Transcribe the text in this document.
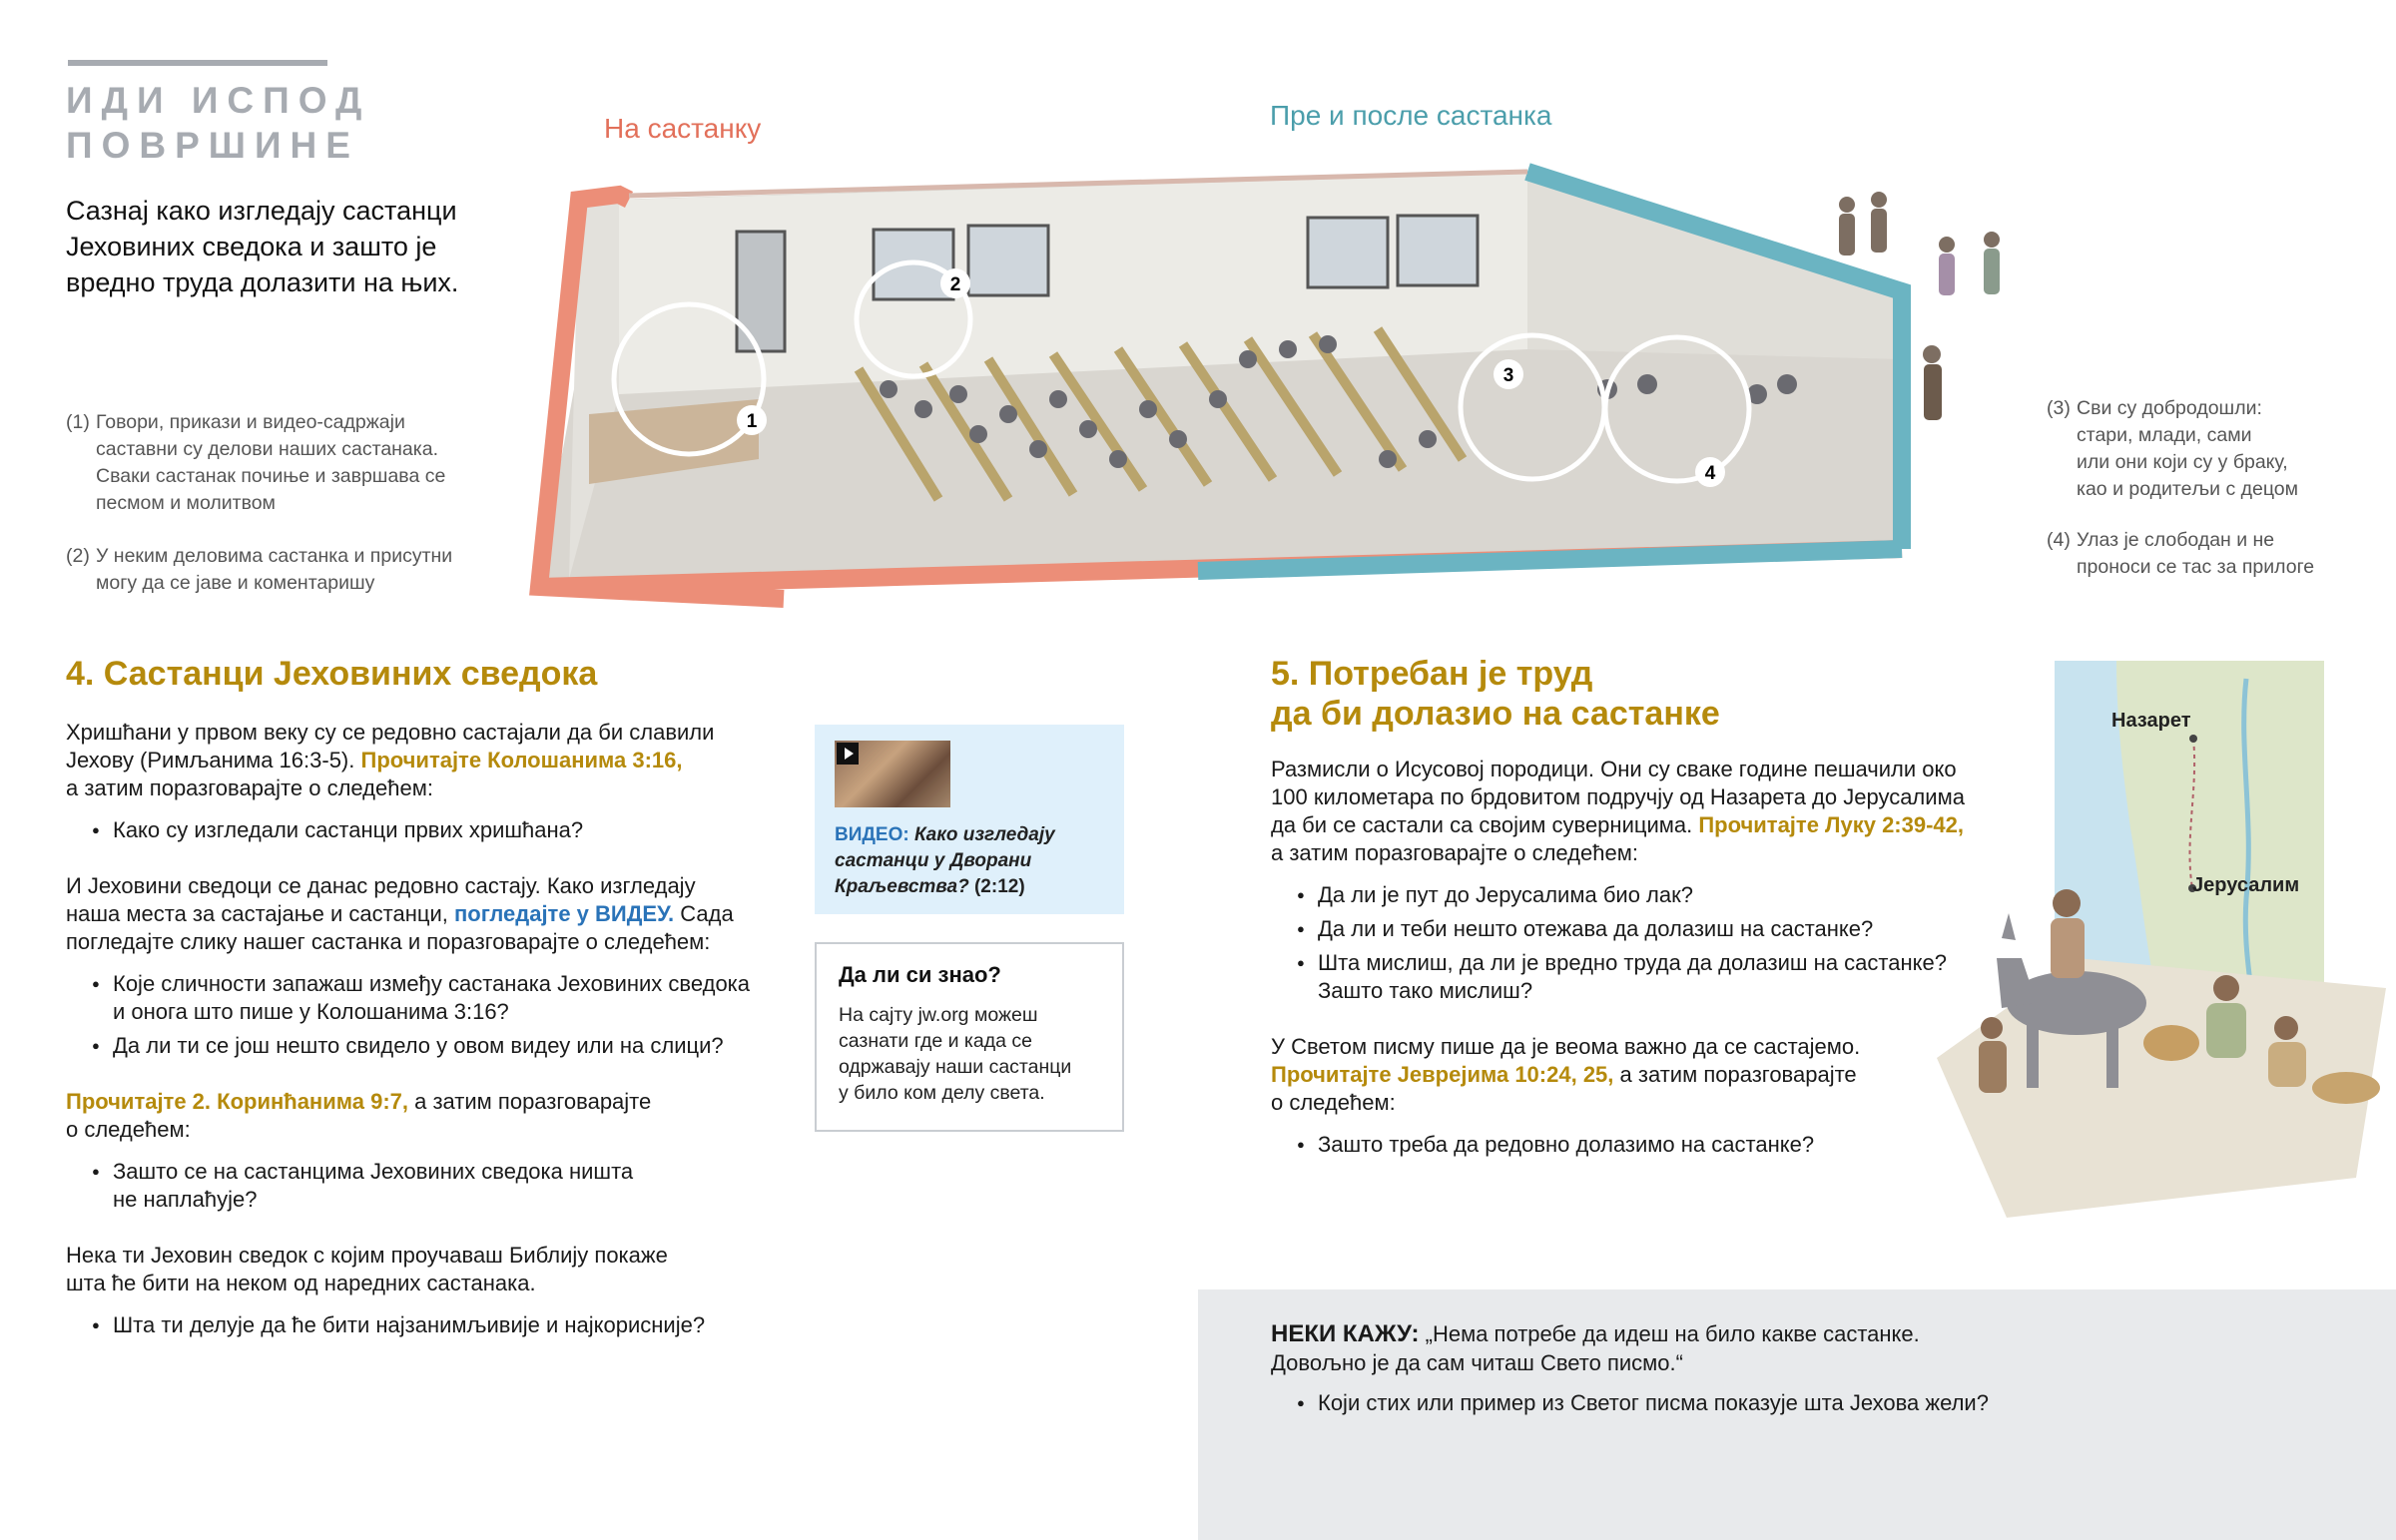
ИДИ ИСПОД
ПОВРШИНЕ
Сазнај како изгледају састанци Јеховиних сведока и зашто је вредно труда долазити на њих.
(1) Говори, прикази и видео-садржаји
саставни су делови наших састанака.
Сваки састанак почиње и завршава се
песмом и молитвом
(2) У неким деловима састанка и присутни
могу да се јаве и коментаришу
На састанку	Пре и после састанка
1
2
3
4
(3) Сви су добродошли:
стари, млади, сами
или они који су у браку,
као и родитељи с децом
(4) Улаз је слободан и не
проноси се тас за прилоге
4. Састанци Јеховиних сведока
Хришћани у првом веку су се редовно састајали да би славили
Јехову (Римљанима 16:3-5). Прочитајте Колошанима 3:16,
а затим поразговарајте о следећем:
● Како су изгледали састанци првих хришћана?
И Јеховини сведоци се данас редовно састају. Како изгледају
наша места за састајање и састанци, погледајте у ВИДЕУ. Сада
погледајте слику нашег састанка и поразговарајте о следећем:
● Које сличности запажаш између састанака Јеховиних сведока
и онога што пише у Колошанима 3:16?
● Да ли ти се још нешто свидело у овом видеу или на слици?
Прочитајте 2. Коринћанима 9:7, а затим поразговарајте
о следећем:
● Зашто се на састанцима Јеховиних сведока ништа
не наплаћује?
Нека ти Јеховин сведок с којим проучаваш Библију покаже
шта ће бити на неком од наредних састанака.
● Шта ти делује да ће бити најзанимљивије и најкорисније?
ВИДЕО: Како изгледају
састанци у Дворани
Краљевства? (2:12)
Да ли си знао?
На сајту jw.org можеш
сазнати где и када се
одржавају наши састанци
у било ком делу света.
5. Потребан је труд
да би долазио на састанке
Размисли о Исусовој породици. Они су сваке године пешачили око
100 километара по брдовитом подручју од Назарета до Јерусалима
да би се састали са својим суверницима. Прочитајте Луку 2:39-42,
а затим поразговарајте о следећем:
● Да ли је пут до Јерусалима био лак?
● Да ли и теби нешто отежава да долазиш на састанке?
● Шта мислиш, да ли је вредно труда да долазиш на састанке?
Зашто тако мислиш?
У Светом писму пише да је веома важно да се састајемо.
Прочитајте Јеврејима 10:24, 25, а затим поразговарајте
о следећем:
● Зашто треба да редовно долазимо на састанке?
Назарет
Јерусалим
НЕКИ КАЖУ: „Нема потребе да идеш на било какве састанке.
Довољно је да сам читаш Свето писмо.“
● Који стих или пример из Светог писма показује шта Јехова жели?
